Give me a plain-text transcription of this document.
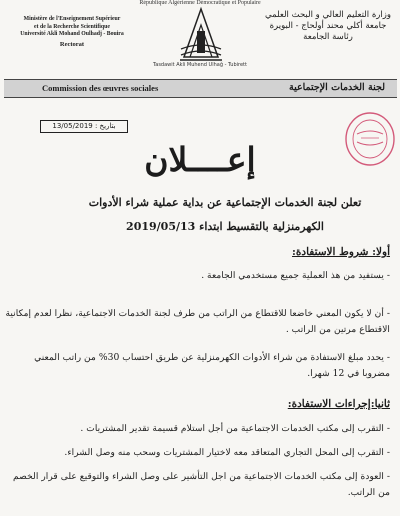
République Algérienne Démocratique et Populaire
Ministère de l'Enseignement Supérieur
et de la Recherche Scientifique
Université Akli Mohand Oulhadj - Bouira
Rectorat
Tasdawit Akli Muhend Ulhağ - Tubirett
وزارة التعليم العالي و البحث العلمي
جامعة أكلي محند أولحاج - البويرة
رئاسة الجامعة
Commission des œuvres sociales	لجنة الخدمات الإجتماعية
بتاريخ : 13/05/2019
إعــــلان
تعلن لجنة الخدمات الإجتماعية عن بداية عملية شراء الأدوات
الكهرمنزلية بالتقسيط ابتداء 2019/05/13
أولا: شروط الاستفادة:
- يستفيد من هذ العملية جميع مستخدمي الجامعة .
- أن لا يكون المعني خاضعا للاقتطاع من الراتب من طرف لجنة الخدمات الاجتماعية، نظرا لعدم إمكانية الاقتطاع مرتين من الراتب .
- يحدد مبلغ الاستفادة من شراء الأدوات الكهرمنزلية عن طريق احتساب 30% من راتب المعني مضروبا في 12 شهرا.
ثانيا:إجراءات الاستفادة:
- التقرب إلى مكتب الخدمات الاجتماعية من أجل استلام قسيمة تقدير المشتريات .
- التقرب إلى المحل التجاري المتعاقد معه لاختيار المشتريات وسحب منه وصل الشراء.
- العودة إلى مكتب الخدمات الاجتماعية من اجل التأشير على وصل الشراء والتوقيع على قرار الخصم من الراتب.
